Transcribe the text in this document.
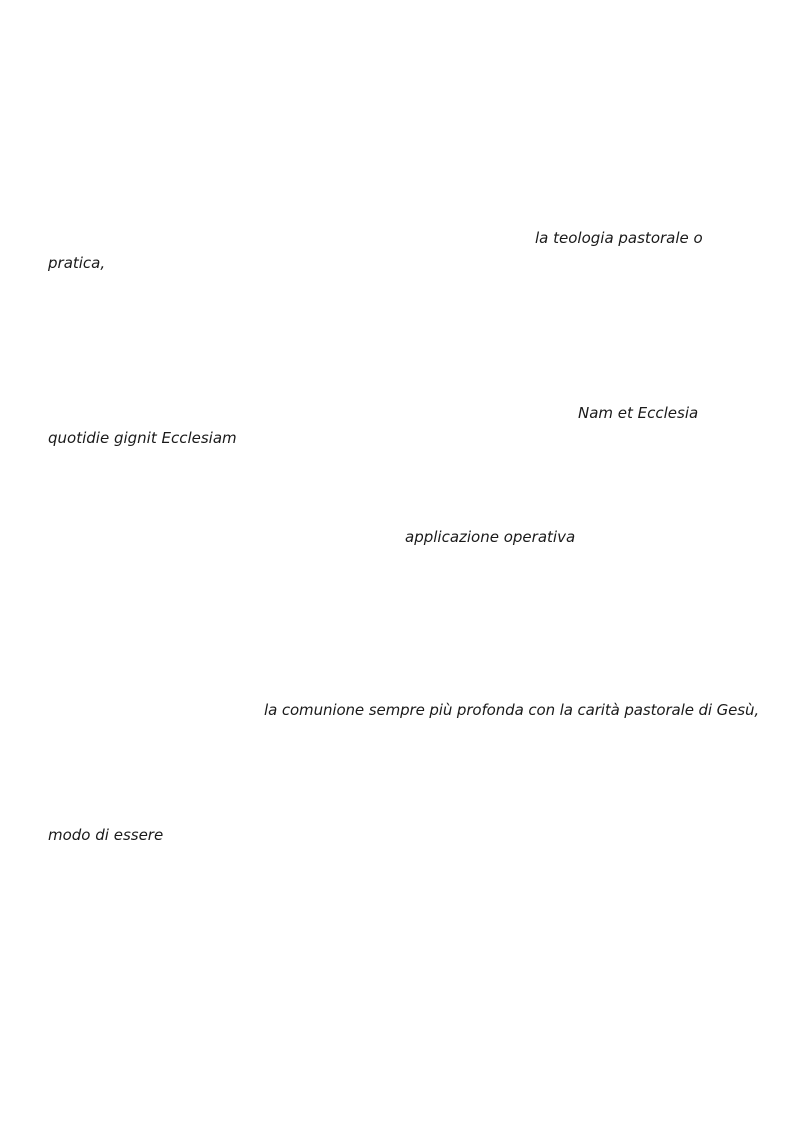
la teologia pastorale o
pratica,
Nam et Ecclesia
quotidie gignit Ecclesiam
applicazione operativa
la comunione sempre più profonda con la carità pastorale di Gesù,
modo di essere
